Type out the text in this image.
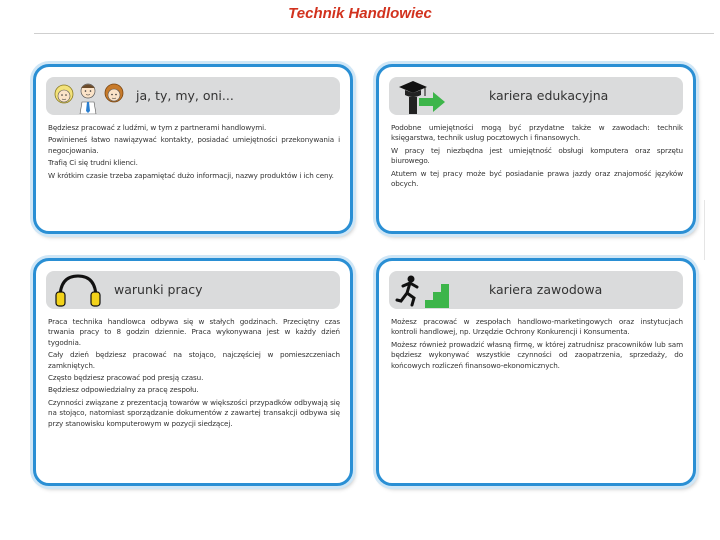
Technik Handlowiec
ja, ty, my, oni...

Będziesz pracować z ludźmi, w tym z partnerami handlowymi.

Powinieneś łatwo nawiązywać kontakty, posiadać umiejętności przekonywania i negocjowania.

Trafią Ci się trudni klienci.

W krótkim czasie trzeba zapamiętać dużo informacji, nazwy produktów i ich ceny.

kariera edukacyjna

Podobne umiejętności mogą być przydatne także w zawodach: technik księgarstwa, technik usług pocztowych i finansowych.

W pracy tej niezbędna jest umiejętność obsługi komputera oraz sprzętu biurowego.

Atutem w tej pracy może być posiadanie prawa jazdy oraz znajomość języków obcych.

warunki pracy

Praca technika handlowca odbywa się w stałych godzinach. Przeciętny czas trwania pracy to 8 godzin dziennie. Praca wykonywana jest w każdy dzień tygodnia.

Cały dzień będziesz pracować na stojąco, najczęściej w pomieszczeniach zamkniętych.

Często będziesz pracować pod presją czasu.

Będziesz odpowiedzialny za pracę zespołu.

Czynności związane z prezentacją towarów w większości przypadków odbywają się na stojąco, natomiast sporządzanie dokumentów z zawartej transakcji odbywa się przy stanowisku komputerowym w pozycji siedzącej.

kariera zawodowa

Możesz pracować w zespołach handlowo-marketingowych oraz instytucjach kontroli handlowej, np. Urzędzie Ochrony Konkurencji i Konsumenta.

Możesz również prowadzić własną firmę, w której zatrudnisz pracowników lub sam będziesz wykonywać wszystkie czynności od zaopatrzenia, sprzedaży, do końcowych rozliczeń finansowo-ekonomicznych.
